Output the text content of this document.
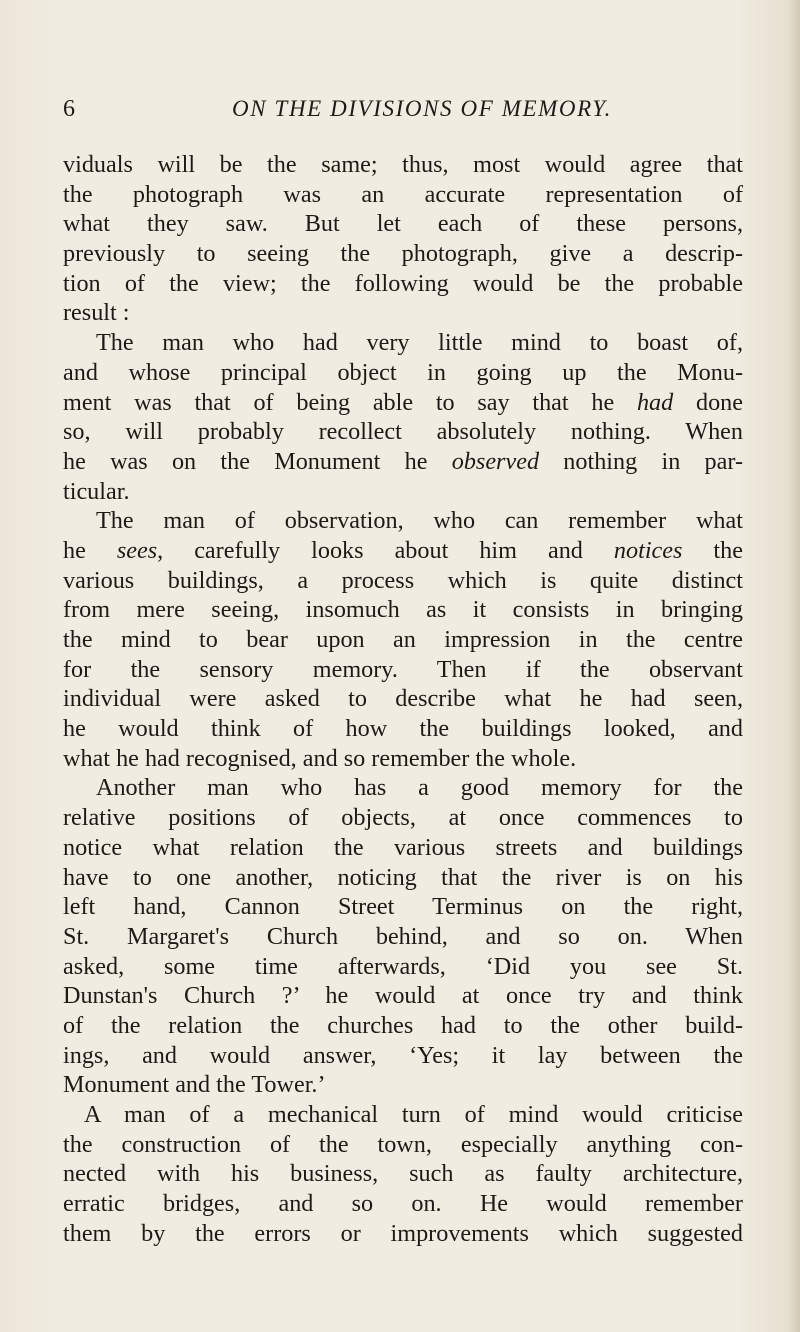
6	ON THE DIVISIONS OF MEMORY.
viduals will be the same; thus, most would agree that
the photograph was an accurate representation of
what they saw. But let each of these persons,
previously to seeing the photograph, give a descrip-
tion of the view; the following would be the probable
result :
The man who had very little mind to boast of,
and whose principal object in going up the Monu-
ment was that of being able to say that he had done
so, will probably recollect absolutely nothing. When
he was on the Monument he observed nothing in par-
ticular.
The man of observation, who can remember what
he sees, carefully looks about him and notices the
various buildings, a process which is quite distinct
from mere seeing, insomuch as it consists in bringing
the mind to bear upon an impression in the centre
for the sensory memory. Then if the observant
individual were asked to describe what he had seen,
he would think of how the buildings looked, and
what he had recognised, and so remember the whole.
Another man who has a good memory for the
relative positions of objects, at once commences to
notice what relation the various streets and buildings
have to one another, noticing that the river is on his
left hand, Cannon Street Terminus on the right,
St. Margaret's Church behind, and so on. When
asked, some time afterwards, ‘Did you see St.
Dunstan's Church ?’ he would at once try and think
of the relation the churches had to the other build-
ings, and would answer, ‘Yes; it lay between the
Monument and the Tower.’
A man of a mechanical turn of mind would criticise
the construction of the town, especially anything con-
nected with his business, such as faulty architecture,
erratic bridges, and so on. He would remember
them by the errors or improvements which suggested
